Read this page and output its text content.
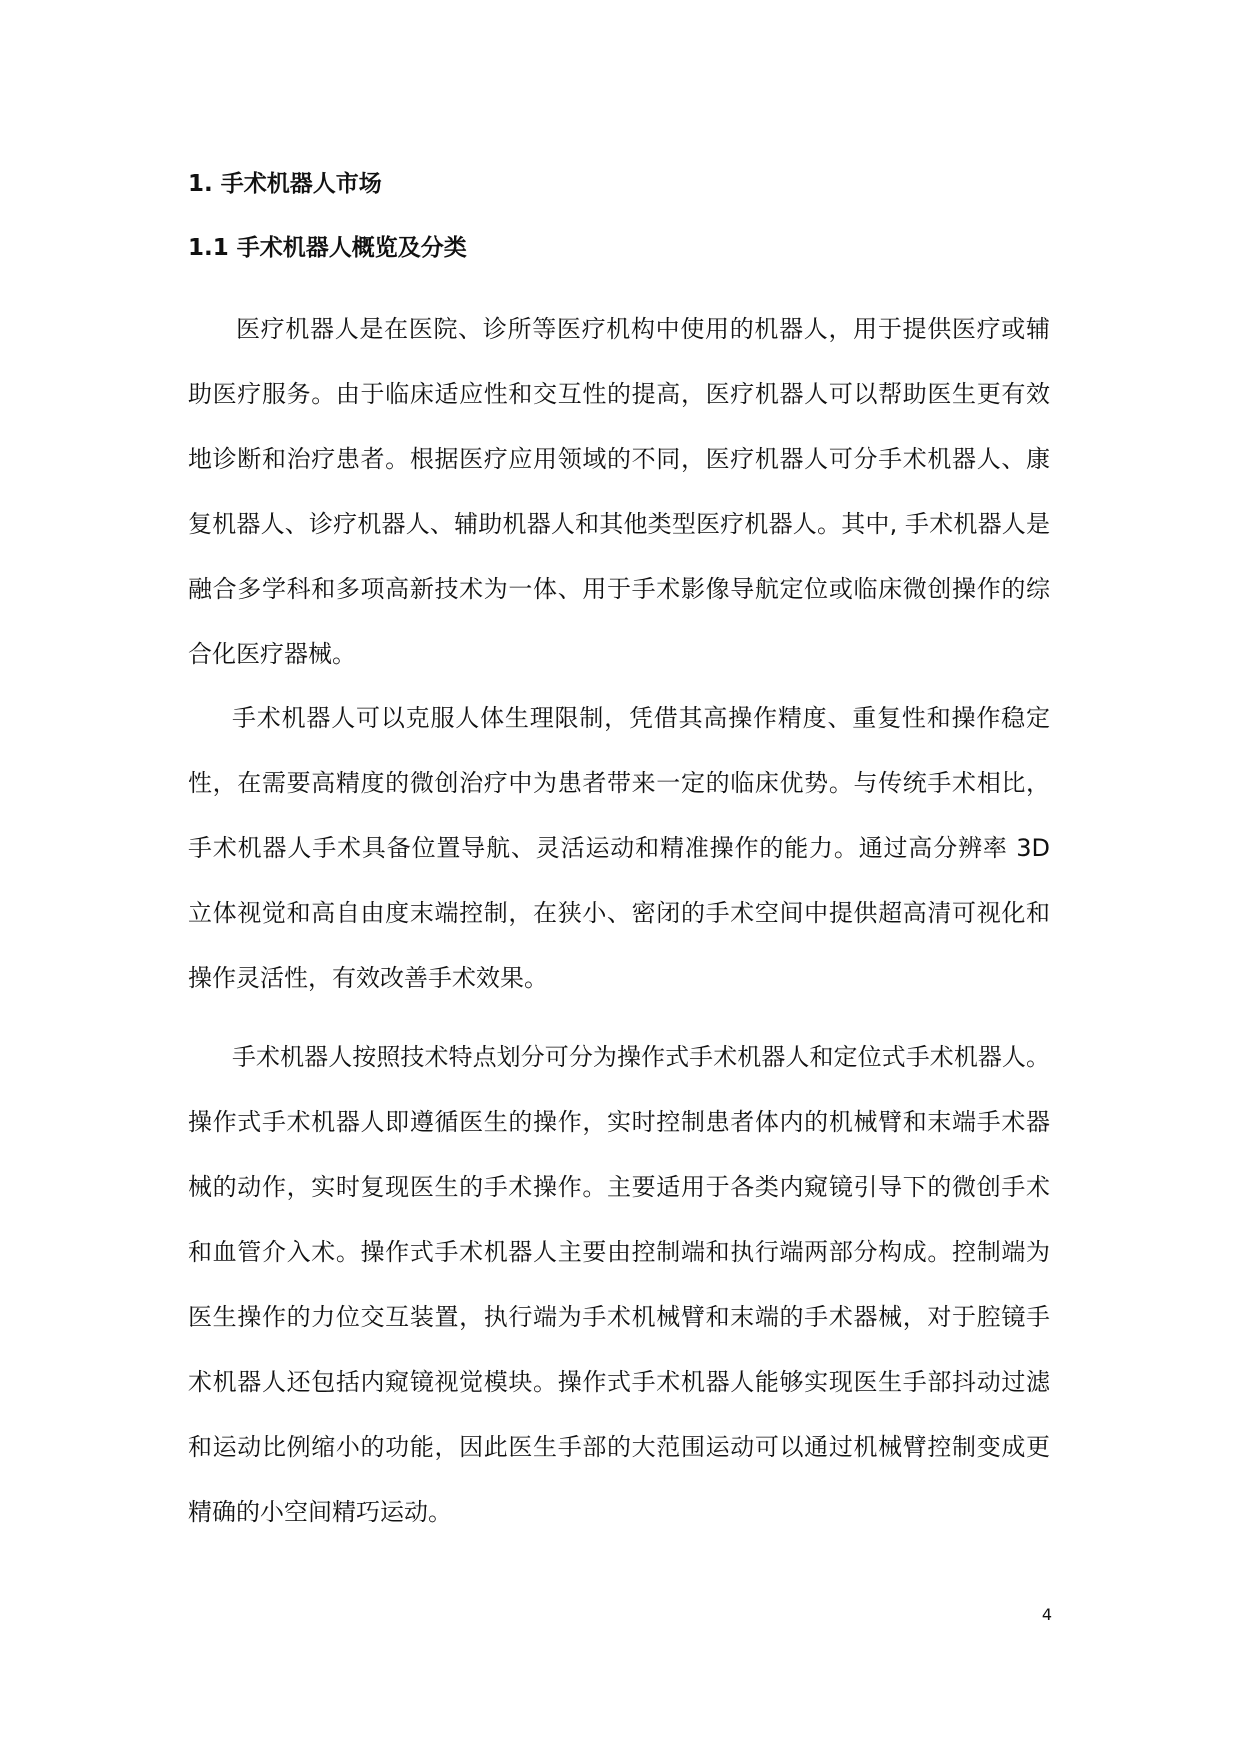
1. 手术机器人市场
1.1 手术机器人概览及分类

医疗机器人是在医院、诊所等医疗机构中使用的机器人，用于提供医疗或辅助医疗服务。由于临床适应性和交互性的提高，医疗机器人可以帮助医生更有效地诊断和治疗患者。根据医疗应用领域的不同，医疗机器人可分手术机器人、康复机器人、诊疗机器人、辅助机器人和其他类型医疗机器人。其中, 手术机器人是融合多学科和多项高新技术为一体、用于手术影像导航定位或临床微创操作的综合化医疗器械。

手术机器人可以克服人体生理限制，凭借其高操作精度、重复性和操作稳定性，在需要高精度的微创治疗中为患者带来一定的临床优势。与传统手术相比，手术机器人手术具备位置导航、灵活运动和精准操作的能力。通过高分辨率 3D 立体视觉和高自由度末端控制，在狭小、密闭的手术空间中提供超高清可视化和操作灵活性，有效改善手术效果。

手术机器人按照技术特点划分可分为操作式手术机器人和定位式手术机器人。操作式手术机器人即遵循医生的操作，实时控制患者体内的机械臂和末端手术器械的动作，实时复现医生的手术操作。主要适用于各类内窥镜引导下的微创手术和血管介入术。操作式手术机器人主要由控制端和执行端两部分构成。控制端为医生操作的力位交互装置，执行端为手术机械臂和末端的手术器械，对于腔镜手术机器人还包括内窥镜视觉模块。操作式手术机器人能够实现医生手部抖动过滤和运动比例缩小的功能，因此医生手部的大范围运动可以通过机械臂控制变成更精确的小空间精巧运动。

4
